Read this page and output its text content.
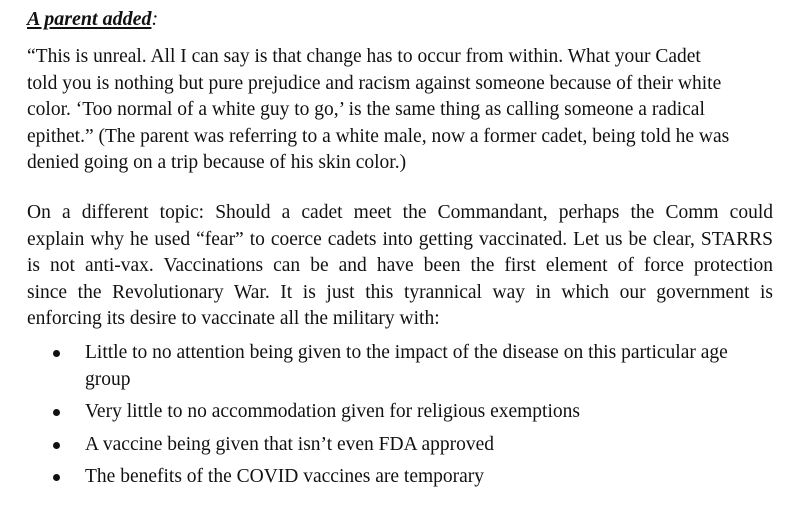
A parent added:

“This is unreal. All I can say is that change has to occur from within. What your Cadet
told you is nothing but pure prejudice and racism against someone because of their white
color. ‘Too normal of a white guy to go,’ is the same thing as calling someone a radical
epithet.” (The parent was referring to a white male, now a former cadet, being told he was
denied going on a trip because of his skin color.)

On a different topic: Should a cadet meet the Commandant, perhaps the Comm could
explain why he used “fear” to coerce cadets into getting vaccinated. Let us be clear, STARRS
is not anti-vax. Vaccinations can be and have been the first element of force protection
since the Revolutionary War. It is just this tyrannical way in which our government is
enforcing its desire to vaccinate all the military with:

Little to no attention being given to the impact of the disease on this particular age
group
Very little to no accommodation given for religious exemptions
A vaccine being given that isn’t even FDA approved
The benefits of the COVID vaccines are temporary
